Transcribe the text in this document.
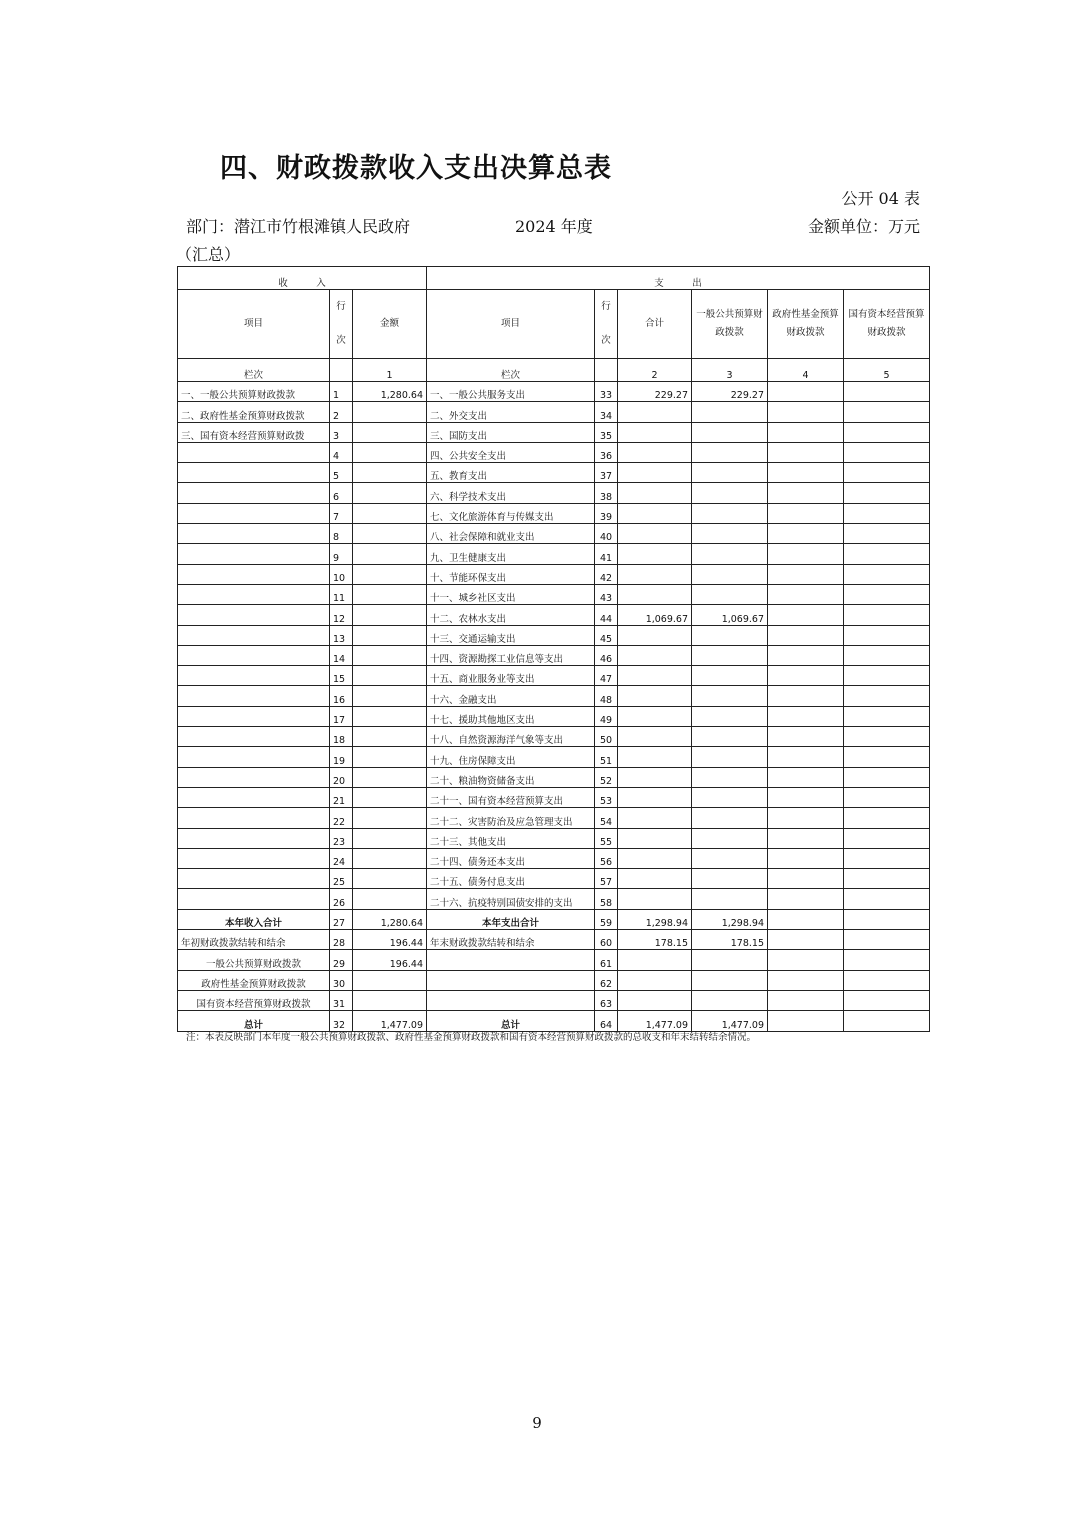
四、财政拨款收入支出决算总表
公开 04 表
部门：潜江市竹根滩镇人民政府	2024 年度	金额单位：万元
（汇总）
收　　　入			支　　　出					
项目	行次	金额	项目	行次	合计	一般公共预算财政拨款	政府性基金预算财政拨款	国有资本经营预算财政拨款
栏次		1	栏次		2	3	4	5
一、一般公共预算财政拨款	1	1,280.64	一、一般公共服务支出	33	229.27	229.27		
二、政府性基金预算财政拨款	2		二、外交支出	34				
三、国有资本经营预算财政拨	3		三、国防支出	35				
	4		四、公共安全支出	36				
	5		五、教育支出	37				
	6		六、科学技术支出	38				
	7		七、文化旅游体育与传媒支出	39				
	8		八、社会保障和就业支出	40				
	9		九、卫生健康支出	41				
	10		十、节能环保支出	42				
	11		十一、城乡社区支出	43				
	12		十二、农林水支出	44	1,069.67	1,069.67		
	13		十三、交通运输支出	45				
	14		十四、资源勘探工业信息等支出	46				
	15		十五、商业服务业等支出	47				
	16		十六、金融支出	48				
	17		十七、援助其他地区支出	49				
	18		十八、自然资源海洋气象等支出	50				
	19		十九、住房保障支出	51				
	20		二十、粮油物资储备支出	52				
	21		二十一、国有资本经营预算支出	53				
	22		二十二、灾害防治及应急管理支出	54				
	23		二十三、其他支出	55				
	24		二十四、债务还本支出	56				
	25		二十五、债务付息支出	57				
	26		二十六、抗疫特别国债安排的支出	58				
本年收入合计	27	1,280.64	本年支出合计	59	1,298.94	1,298.94		
年初财政拨款结转和结余	28	196.44	年末财政拨款结转和结余	60	178.15	178.15		
一般公共预算财政拨款	29	196.44		61				
政府性基金预算财政拨款	30			62				
国有资本经营预算财政拨款	31			63				
总计	32	1,477.09	总计	64	1,477.09	1,477.09		
注：本表反映部门本年度一般公共预算财政拨款、政府性基金预算财政拨款和国有资本经营预算财政拨款的总收支和年末结转结余情况。
9
